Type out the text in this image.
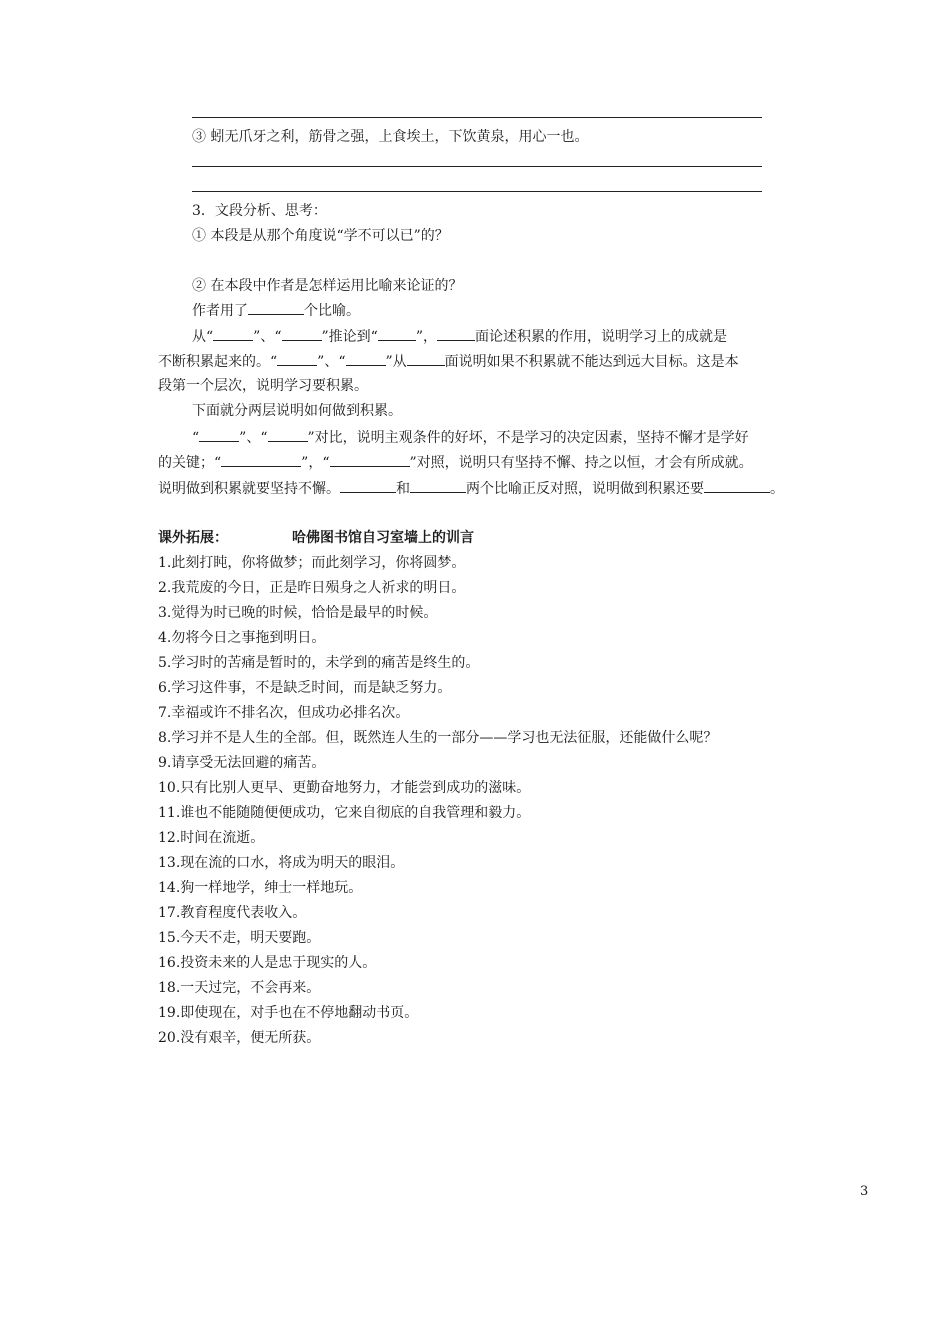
③ 蚓无爪牙之利，筋骨之强，上食埃土，下饮黄泉，用心一也。
3．文段分析、思考：
① 本段是从那个角度说“学不可以已”的？
② 在本段中作者是怎样运用比喻来论证的？
作者用了	个比喻。
从“	”、“	”推论到“	”，	面论述积累的作用，说明学习上的成就是
不断积累起来的。“	”、“	”从	面说明如果不积累就不能达到远大目标。这是本
段第一个层次，说明学习要积累。
下面就分两层说明如何做到积累。
“	”、“	”对比，说明主观条件的好坏，不是学习的决定因素，坚持不懈才是学好
的关键；“	”，“	”对照，说明只有坚持不懈、持之以恒，才会有所成就。
说明做到积累就要坚持不懈。	和	两个比喻正反对照，说明做到积累还要	。
课外拓展：	哈佛图书馆自习室墙上的训言
1.此刻打盹，你将做梦；而此刻学习，你将圆梦。
2.我荒废的今日，正是昨日殒身之人祈求的明日。
3.觉得为时已晚的时候，恰恰是最早的时候。
4.勿将今日之事拖到明日。
5.学习时的苦痛是暂时的，未学到的痛苦是终生的。
6.学习这件事，不是缺乏时间，而是缺乏努力。
7.幸福或许不排名次，但成功必排名次。
8.学习并不是人生的全部。但，既然连人生的一部分——学习也无法征服，还能做什么呢？
9.请享受无法回避的痛苦。
10.只有比别人更早、更勤奋地努力，才能尝到成功的滋味。
11.谁也不能随随便便成功，它来自彻底的自我管理和毅力。
12.时间在流逝。
13.现在流的口水，将成为明天的眼泪。
14.狗一样地学，绅士一样地玩。
17.教育程度代表收入。
15.今天不走，明天要跑。
16.投资未来的人是忠于现实的人。
18.一天过完，不会再来。
19.即使现在，对手也在不停地翻动书页。
20.没有艰辛，便无所获。
3
